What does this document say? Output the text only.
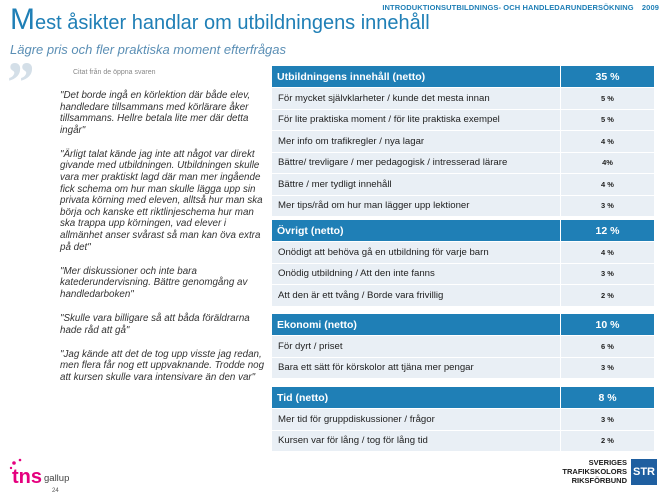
INTRODUKTIONSUTBILDNINGS- OCH HANDLEDARUNDERSÖKNING 2009
Mest åsikter handlar om utbildningens innehåll
Lägre pris och fler praktiska moment efterfrågas
”	Citat från de öppna svaren

"Det borde ingå en körlektion där både elev, handledare tillsammans med körlärare åker tillsammans. Hellre betala lite mer där detta ingår"

"Ärligt talat kände jag inte att något var direkt givande med utbildningen. Utbildningen skulle vara mer praktiskt lagd där man mer ingående fick schema om hur man skulle lägga upp sin privata körning med eleven, alltså hur man ska börja och kanske ett riktlinjeschema hur man ska trappa upp körningen, vad elever i allmänhet anser svårast så man kan öva extra på det"

"Mer diskussioner och inte bara katederundervisning. Bättre genomgång av handledarboken"

"Skulle vara billigare så att båda föräldrarna hade råd att gå"

"Jag kände att det de tog upp visste jag redan, men flera får nog ett uppvaknande. Trodde nog att kursen skulle vara intensivare än den var"

Utbildningens innehåll (netto)	35 %
För mycket självklarheter / kunde det mesta innan	5 %
För lite praktiska moment / för lite praktiska exempel	5 %
Mer info om trafikregler / nya lagar	4 %
Bättre/ trevligare / mer pedagogisk / intresserad lärare	4%
Bättre / mer tydligt innehåll	4 %
Mer tips/råd om hur man lägger upp lektioner	3 %
Övrigt (netto)	12 %
Onödigt att behöva gå en utbildning för varje barn	4 %
Onödig utbildning / Att den inte fanns	3 %
Att den är ett tvång / Borde vara frivillig	2 %
Ekonomi (netto)	10 %
För dyrt / priset	6 %
Bara ett sätt för körskolor att tjäna mer pengar	3 %
Tid (netto)	8 %
Mer tid för gruppdiskussioner / frågor	3 %
Kursen var för lång / tog för lång tid	2 %
tns gallup
24
SVERIGES
TRAFIKSKOLORS
RIKSFÖRBUND
STR
